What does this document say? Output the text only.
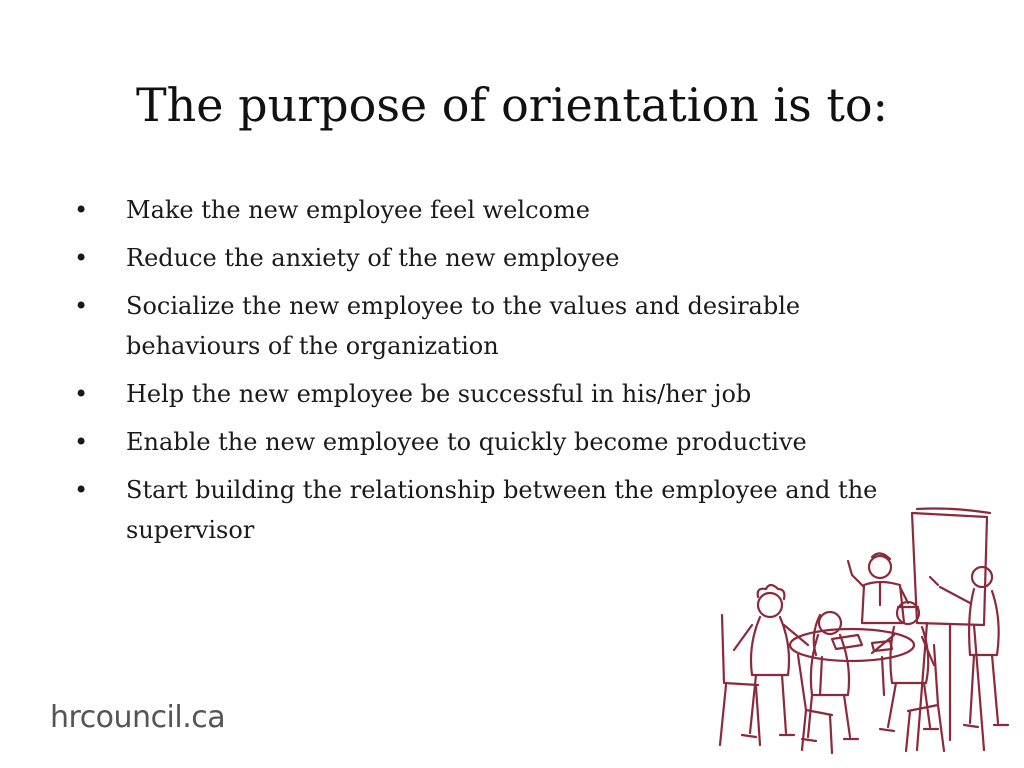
The purpose of orientation is to:
• Make the new employee feel welcome
• Reduce the anxiety of the new employee
• Socialize the new employee to the values and desirable behaviours of the organization
• Help the new employee be successful in his/her job
• Enable the new employee to quickly become productive
• Start building the relationship between the employee and the supervisor
hrcouncil.ca
